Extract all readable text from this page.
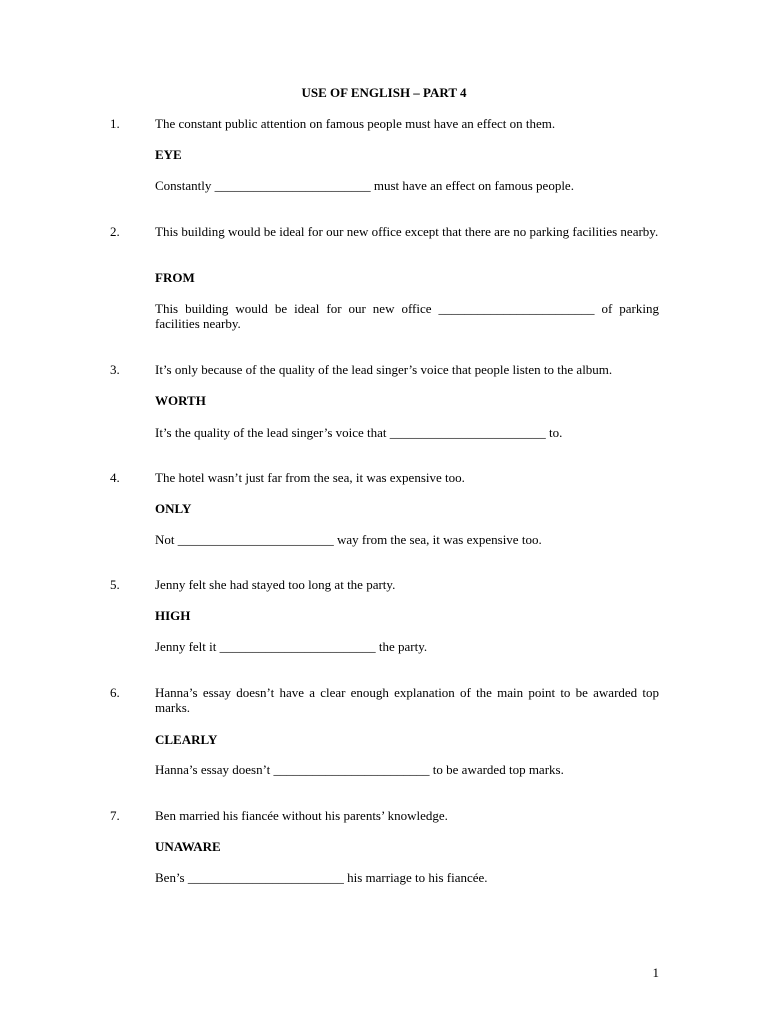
USE OF ENGLISH – PART 4
1.	The constant public attention on famous people must have an effect on them.
EYE
Constantly ________________________ must have an effect on famous people.
2.	This building would be ideal for our new office except that there are no parking facilities nearby.
FROM
This building would be ideal for our new office ________________________ of parking facilities nearby.
3.	It’s only because of the quality of the lead singer’s voice that people listen to the album.
WORTH
It’s the quality of the lead singer’s voice that ________________________ to.
4.	The hotel wasn’t just far from the sea, it was expensive too.
ONLY
Not ________________________ way from the sea, it was expensive too.
5.	Jenny felt she had stayed too long at the party.
HIGH
Jenny felt it ________________________ the party.
6.	Hanna’s essay doesn’t have a clear enough explanation of the main point to be awarded top marks.
CLEARLY
Hanna’s essay doesn’t ________________________ to be awarded top marks.
7.	Ben married his fiancée without his parents’ knowledge.
UNAWARE
Ben’s ________________________ his marriage to his fiancée.
1
